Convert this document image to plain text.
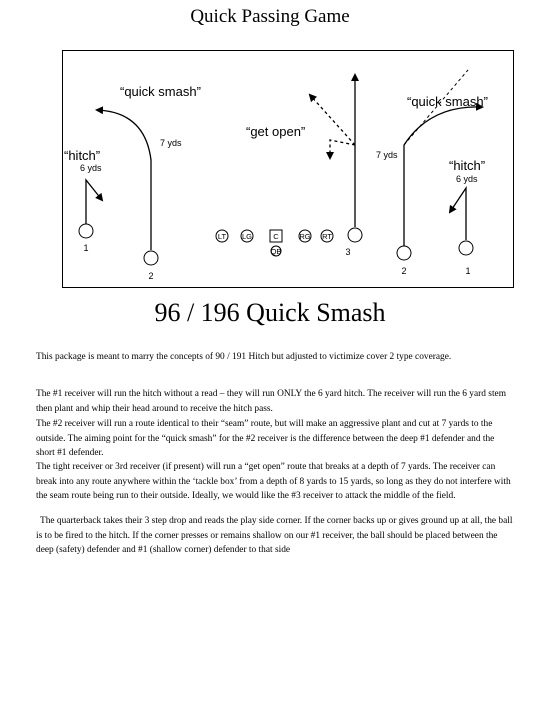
Quick Passing Game
LT LG	C	RG RT
QB
1
2
3
2	1
“quick smash”
“quick smash”
“get open”
“hitch”
6 yds	“hitch”
6 yds
7 yds
7 yds
96 / 196 Quick Smash

This package is meant to marry the concepts of 90 / 191 Hitch but adjusted to victimize cover 2 type coverage.

The #1 receiver will run the hitch without a read – they will run ONLY the 6 yard hitch. The receiver will run the 6 yard stem then plant and whip their head around to receive the hitch pass.

The #2 receiver will run a route identical to their “seam” route, but will make an aggressive plant and cut at 7 yards to the outside. The aiming point for the “quick smash” for the #2 receiver is the difference between the deep #1 defender and the short #1 defender.

The tight receiver or 3rd receiver (if present) will run a “get open” route that breaks at a depth of 7 yards. The receiver can break into any route anywhere within the ‘tackle box’ from a depth of 8 yards to 15 yards, so long as they do not interfere with the seam route being run to their outside. Ideally, we would like the #3 receiver to attack the middle of the field.

The quarterback takes their 3 step drop and reads the play side corner. If the corner backs up or gives ground up at all, the ball is to be fired to the hitch. If the corner presses or remains shallow on our #1 receiver, the ball should be placed between the deep (safety) defender and #1 (shallow corner) defender to that side
